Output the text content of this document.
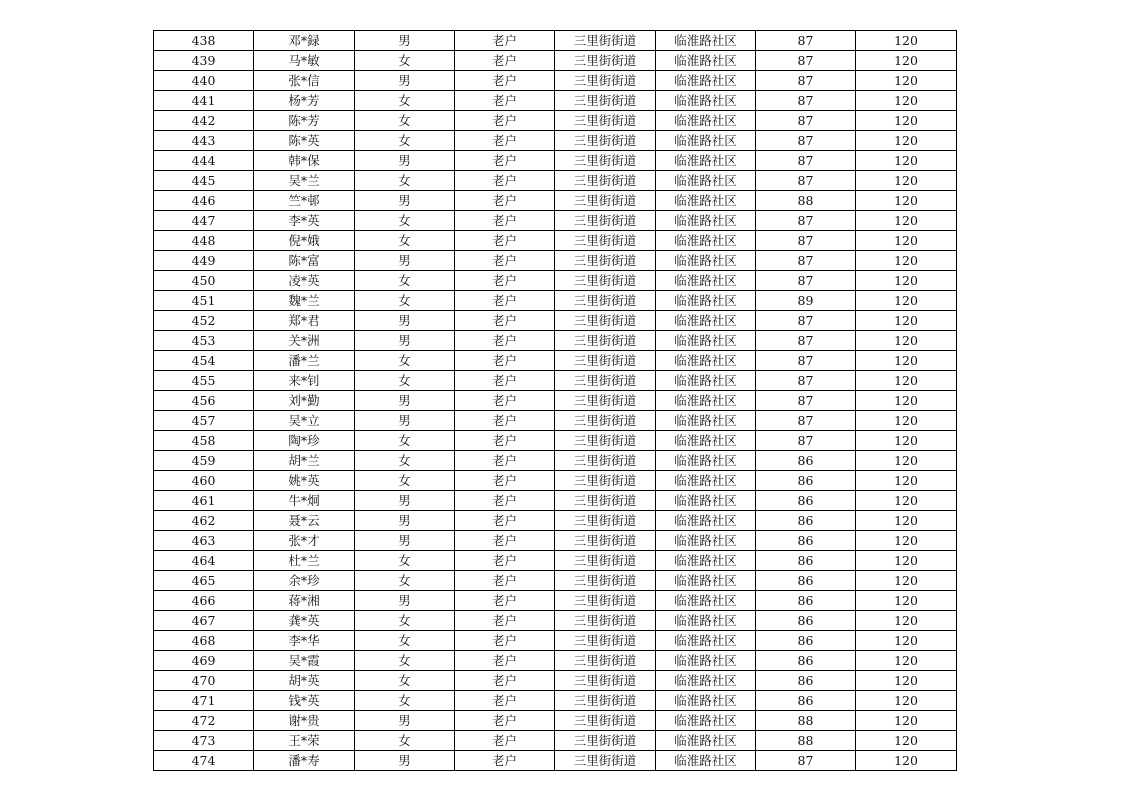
438	邓*録	男	老户	三里街街道	临淮路社区	87	120
439	马*敏	女	老户	三里街街道	临淮路社区	87	120
440	张*信	男	老户	三里街街道	临淮路社区	87	120
441	杨*芳	女	老户	三里街街道	临淮路社区	87	120
442	陈*芳	女	老户	三里街街道	临淮路社区	87	120
443	陈*英	女	老户	三里街街道	临淮路社区	87	120
444	韩*保	男	老户	三里街街道	临淮路社区	87	120
445	吴*兰	女	老户	三里街街道	临淮路社区	87	120
446	竺*邨	男	老户	三里街街道	临淮路社区	88	120
447	李*英	女	老户	三里街街道	临淮路社区	87	120
448	倪*娥	女	老户	三里街街道	临淮路社区	87	120
449	陈*富	男	老户	三里街街道	临淮路社区	87	120
450	凌*英	女	老户	三里街街道	临淮路社区	87	120
451	魏*兰	女	老户	三里街街道	临淮路社区	89	120
452	郑*君	男	老户	三里街街道	临淮路社区	87	120
453	关*洲	男	老户	三里街街道	临淮路社区	87	120
454	潘*兰	女	老户	三里街街道	临淮路社区	87	120
455	来*钊	女	老户	三里街街道	临淮路社区	87	120
456	刘*勤	男	老户	三里街街道	临淮路社区	87	120
457	吴*立	男	老户	三里街街道	临淮路社区	87	120
458	陶*珍	女	老户	三里街街道	临淮路社区	87	120
459	胡*兰	女	老户	三里街街道	临淮路社区	86	120
460	姚*英	女	老户	三里街街道	临淮路社区	86	120
461	牛*炯	男	老户	三里街街道	临淮路社区	86	120
462	聂*云	男	老户	三里街街道	临淮路社区	86	120
463	张*才	男	老户	三里街街道	临淮路社区	86	120
464	杜*兰	女	老户	三里街街道	临淮路社区	86	120
465	余*珍	女	老户	三里街街道	临淮路社区	86	120
466	蒋*湘	男	老户	三里街街道	临淮路社区	86	120
467	龚*英	女	老户	三里街街道	临淮路社区	86	120
468	李*华	女	老户	三里街街道	临淮路社区	86	120
469	吴*霞	女	老户	三里街街道	临淮路社区	86	120
470	胡*英	女	老户	三里街街道	临淮路社区	86	120
471	钱*英	女	老户	三里街街道	临淮路社区	86	120
472	谢*贵	男	老户	三里街街道	临淮路社区	88	120
473	王*荣	女	老户	三里街街道	临淮路社区	88	120
474	潘*寿	男	老户	三里街街道	临淮路社区	87	120
